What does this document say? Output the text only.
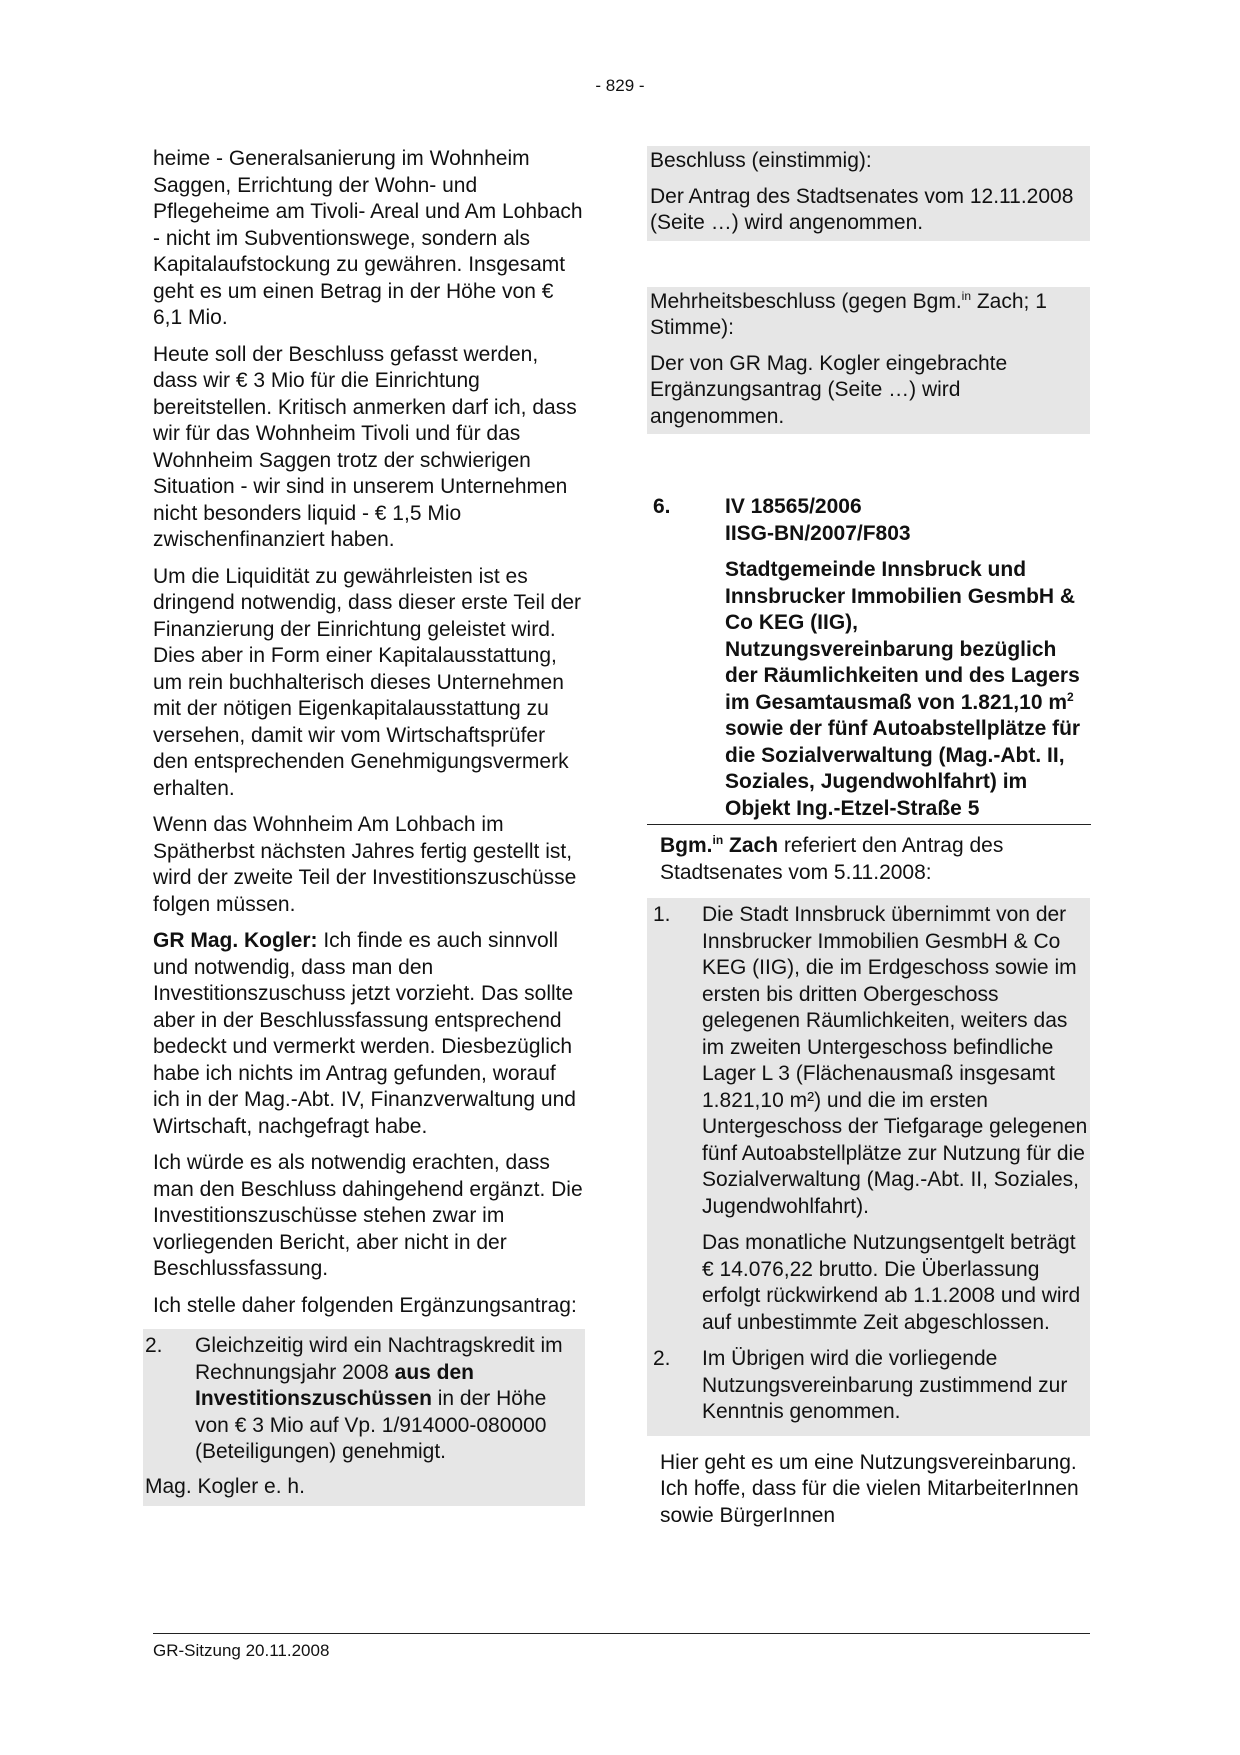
- 829 -

heime - Generalsanierung im Wohnheim Saggen, Errichtung der Wohn- und Pflegeheime am Tivoli- Areal und Am Lohbach - nicht im Subventionswege, sondern als Kapitalaufstockung zu gewähren. Insgesamt geht es um einen Betrag in der Höhe von € 6,1 Mio.

Heute soll der Beschluss gefasst werden, dass wir € 3 Mio für die Einrichtung bereitstellen. Kritisch anmerken darf ich, dass wir für das Wohnheim Tivoli und für das Wohnheim Saggen trotz der schwierigen Situation - wir sind in unserem Unternehmen nicht besonders liquid - € 1,5 Mio zwischenfinanziert haben.

Um die Liquidität zu gewährleisten ist es dringend notwendig, dass dieser erste Teil der Finanzierung der Einrichtung geleistet wird. Dies aber in Form einer Kapitalausstattung, um rein buchhalterisch dieses Unternehmen mit der nötigen Eigenkapitalausstattung zu versehen, damit wir vom Wirtschaftsprüfer den entsprechenden Genehmigungsvermerk erhalten.

Wenn das Wohnheim Am Lohbach im Spätherbst nächsten Jahres fertig gestellt ist, wird der zweite Teil der Investitionszuschüsse folgen müssen.

GR Mag. Kogler: Ich finde es auch sinnvoll und notwendig, dass man den Investitionszuschuss jetzt vorzieht. Das sollte aber in der Beschlussfassung entsprechend bedeckt und vermerkt werden. Diesbezüglich habe ich nichts im Antrag gefunden, worauf ich in der Mag.-Abt. IV, Finanzverwaltung und Wirtschaft, nachgefragt habe.

Ich würde es als notwendig erachten, dass man den Beschluss dahingehend ergänzt. Die Investitionszuschüsse stehen zwar im vorliegenden Bericht, aber nicht in der Beschlussfassung.

Ich stelle daher folgenden Ergänzungsantrag:

2. Gleichzeitig wird ein Nachtragskredit im Rechnungsjahr 2008 aus den Investitionszuschüssen in der Höhe von € 3 Mio auf Vp. 1/914000-080000 (Beteiligungen) genehmigt.

Mag. Kogler e. h.

Beschluss (einstimmig):

Der Antrag des Stadtsenates vom 12.11.2008 (Seite …) wird angenommen.

Mehrheitsbeschluss (gegen Bgm.$^{in}$ Zach; 1 Stimme):

Der von GR Mag. Kogler eingebrachte Ergänzungsantrag (Seite …) wird angenommen.

6.	IV 18565/2006
IISG-BN/2007/F803
Stadtgemeinde Innsbruck und Innsbrucker Immobilien GesmbH & Co KEG (IIG), Nutzungsvereinbarung bezüglich der Räumlichkeiten und des Lagers im Gesamtausmaß von 1.821,10 $m^2$ sowie der fünf Autoabstellplätze für die Sozialverwaltung (Mag.-Abt. II, Soziales, Jugendwohlfahrt) im Objekt Ing.-Etzel-Straße 5

Bgm.$^{in}$ Zach referiert den Antrag des Stadtsenates vom 5.11.2008:

1. Die Stadt Innsbruck übernimmt von der Innsbrucker Immobilien GesmbH & Co KEG (IIG), die im Erdgeschoss sowie im ersten bis dritten Obergeschoss gelegenen Räumlichkeiten, weiters das im zweiten Untergeschoss befindliche Lager L 3 (Flächenausmaß insgesamt 1.821,10 m²) und die im ersten Untergeschoss der Tiefgarage gelegenen fünf Autoabstellplätze zur Nutzung für die Sozialverwaltung (Mag.-Abt. II, Soziales, Jugendwohlfahrt).

Das monatliche Nutzungsentgelt beträgt € 14.076,22 brutto. Die Überlassung erfolgt rückwirkend ab 1.1.2008 und wird auf unbestimmte Zeit abgeschlossen.

2. Im Übrigen wird die vorliegende Nutzungsvereinbarung zustimmend zur Kenntnis genommen.

Hier geht es um eine Nutzungsvereinbarung. Ich hoffe, dass für die vielen MitarbeiterInnen sowie BürgerInnen

GR-Sitzung 20.11.2008
